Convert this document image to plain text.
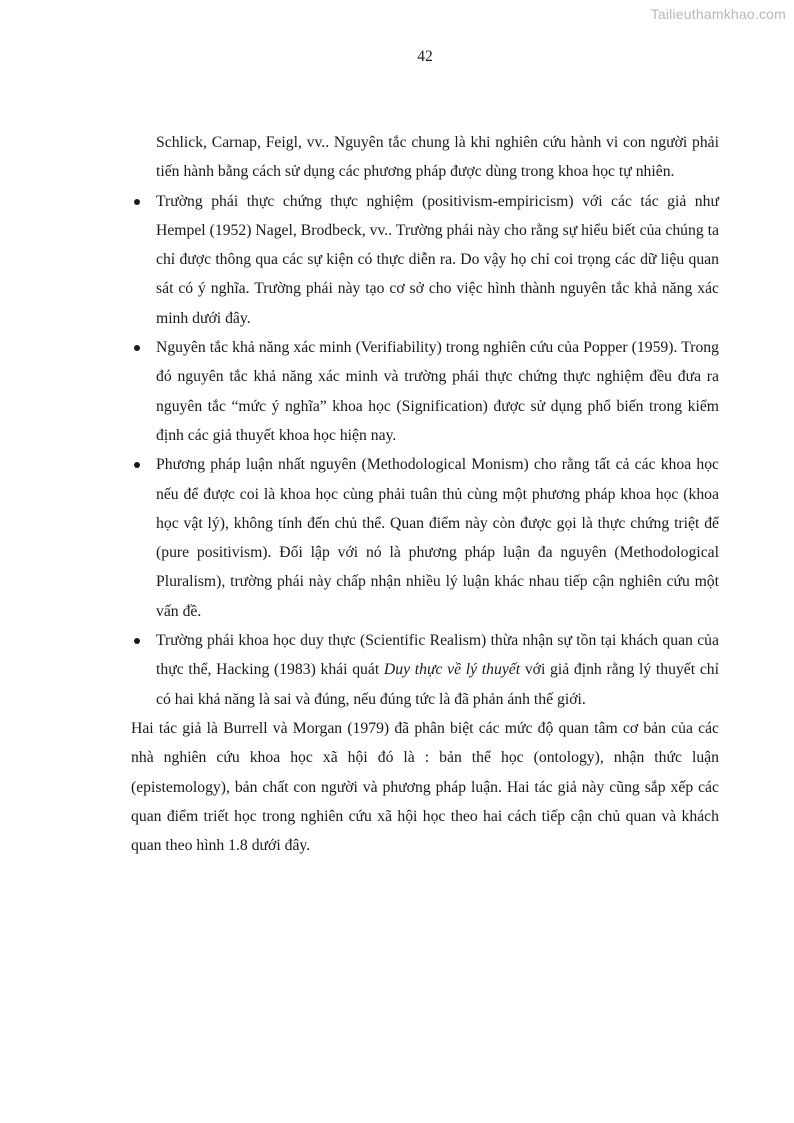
Tailieuthamkhao.com
42

Schlick, Carnap, Feigl, vv.. Nguyên tắc chung là khi nghiên cứu hành vi con người phải tiến hành bằng cách sử dụng các phương pháp được dùng trong khoa học tự nhiên.

Trường phái thực chứng thực nghiệm (positivism-empiricism) với các tác giả như Hempel (1952) Nagel, Brodbeck, vv.. Trường phái này cho rằng sự hiểu biết của chúng ta chỉ được thông qua các sự kiện có thực diễn ra. Do vậy họ chỉ coi trọng các dữ liệu quan sát có ý nghĩa. Trường phái này tạo cơ sở cho việc hình thành nguyên tắc khả năng xác minh dưới đây.
Nguyên tắc khả năng xác minh (Verifiability) trong nghiên cứu của Popper (1959). Trong đó nguyên tắc khả năng xác minh và trường phái thực chứng thực nghiệm đều đưa ra nguyên tắc “mức ý nghĩa” khoa học (Signification) được sử dụng phổ biến trong kiểm định các giả thuyết khoa học hiện nay.
Phương pháp luận nhất nguyên (Methodological Monism) cho rằng tất cả các khoa học nếu để được coi là khoa học cùng phải tuân thủ cùng một phương pháp khoa học (khoa học vật lý), không tính đến chủ thể. Quan điểm này còn được gọi là thực chứng triệt để (pure positivism). Đối lập với nó là phương pháp luận đa nguyên (Methodological Pluralism), trường phái này chấp nhận nhiều lý luận khác nhau tiếp cận nghiên cứu một vấn đề.
Trường phái khoa học duy thực (Scientific Realism) thừa nhận sự tồn tại khách quan của thực thể, Hacking (1983) khái quát Duy thực về lý thuyết với giả định rằng lý thuyết chỉ có hai khả năng là sai và đúng, nếu đúng tức là đã phản ánh thế giới.

Hai tác giả là Burrell và Morgan (1979) đã phân biệt các mức độ quan tâm cơ bản của các nhà nghiên cứu khoa học xã hội đó là : bản thể học (ontology), nhận thức luận (epistemology), bản chất con người và phương pháp luận. Hai tác giả này cũng sắp xếp các quan điểm triết học trong nghiên cứu xã hội học theo hai cách tiếp cận chủ quan và khách quan theo hình 1.8 dưới đây.
